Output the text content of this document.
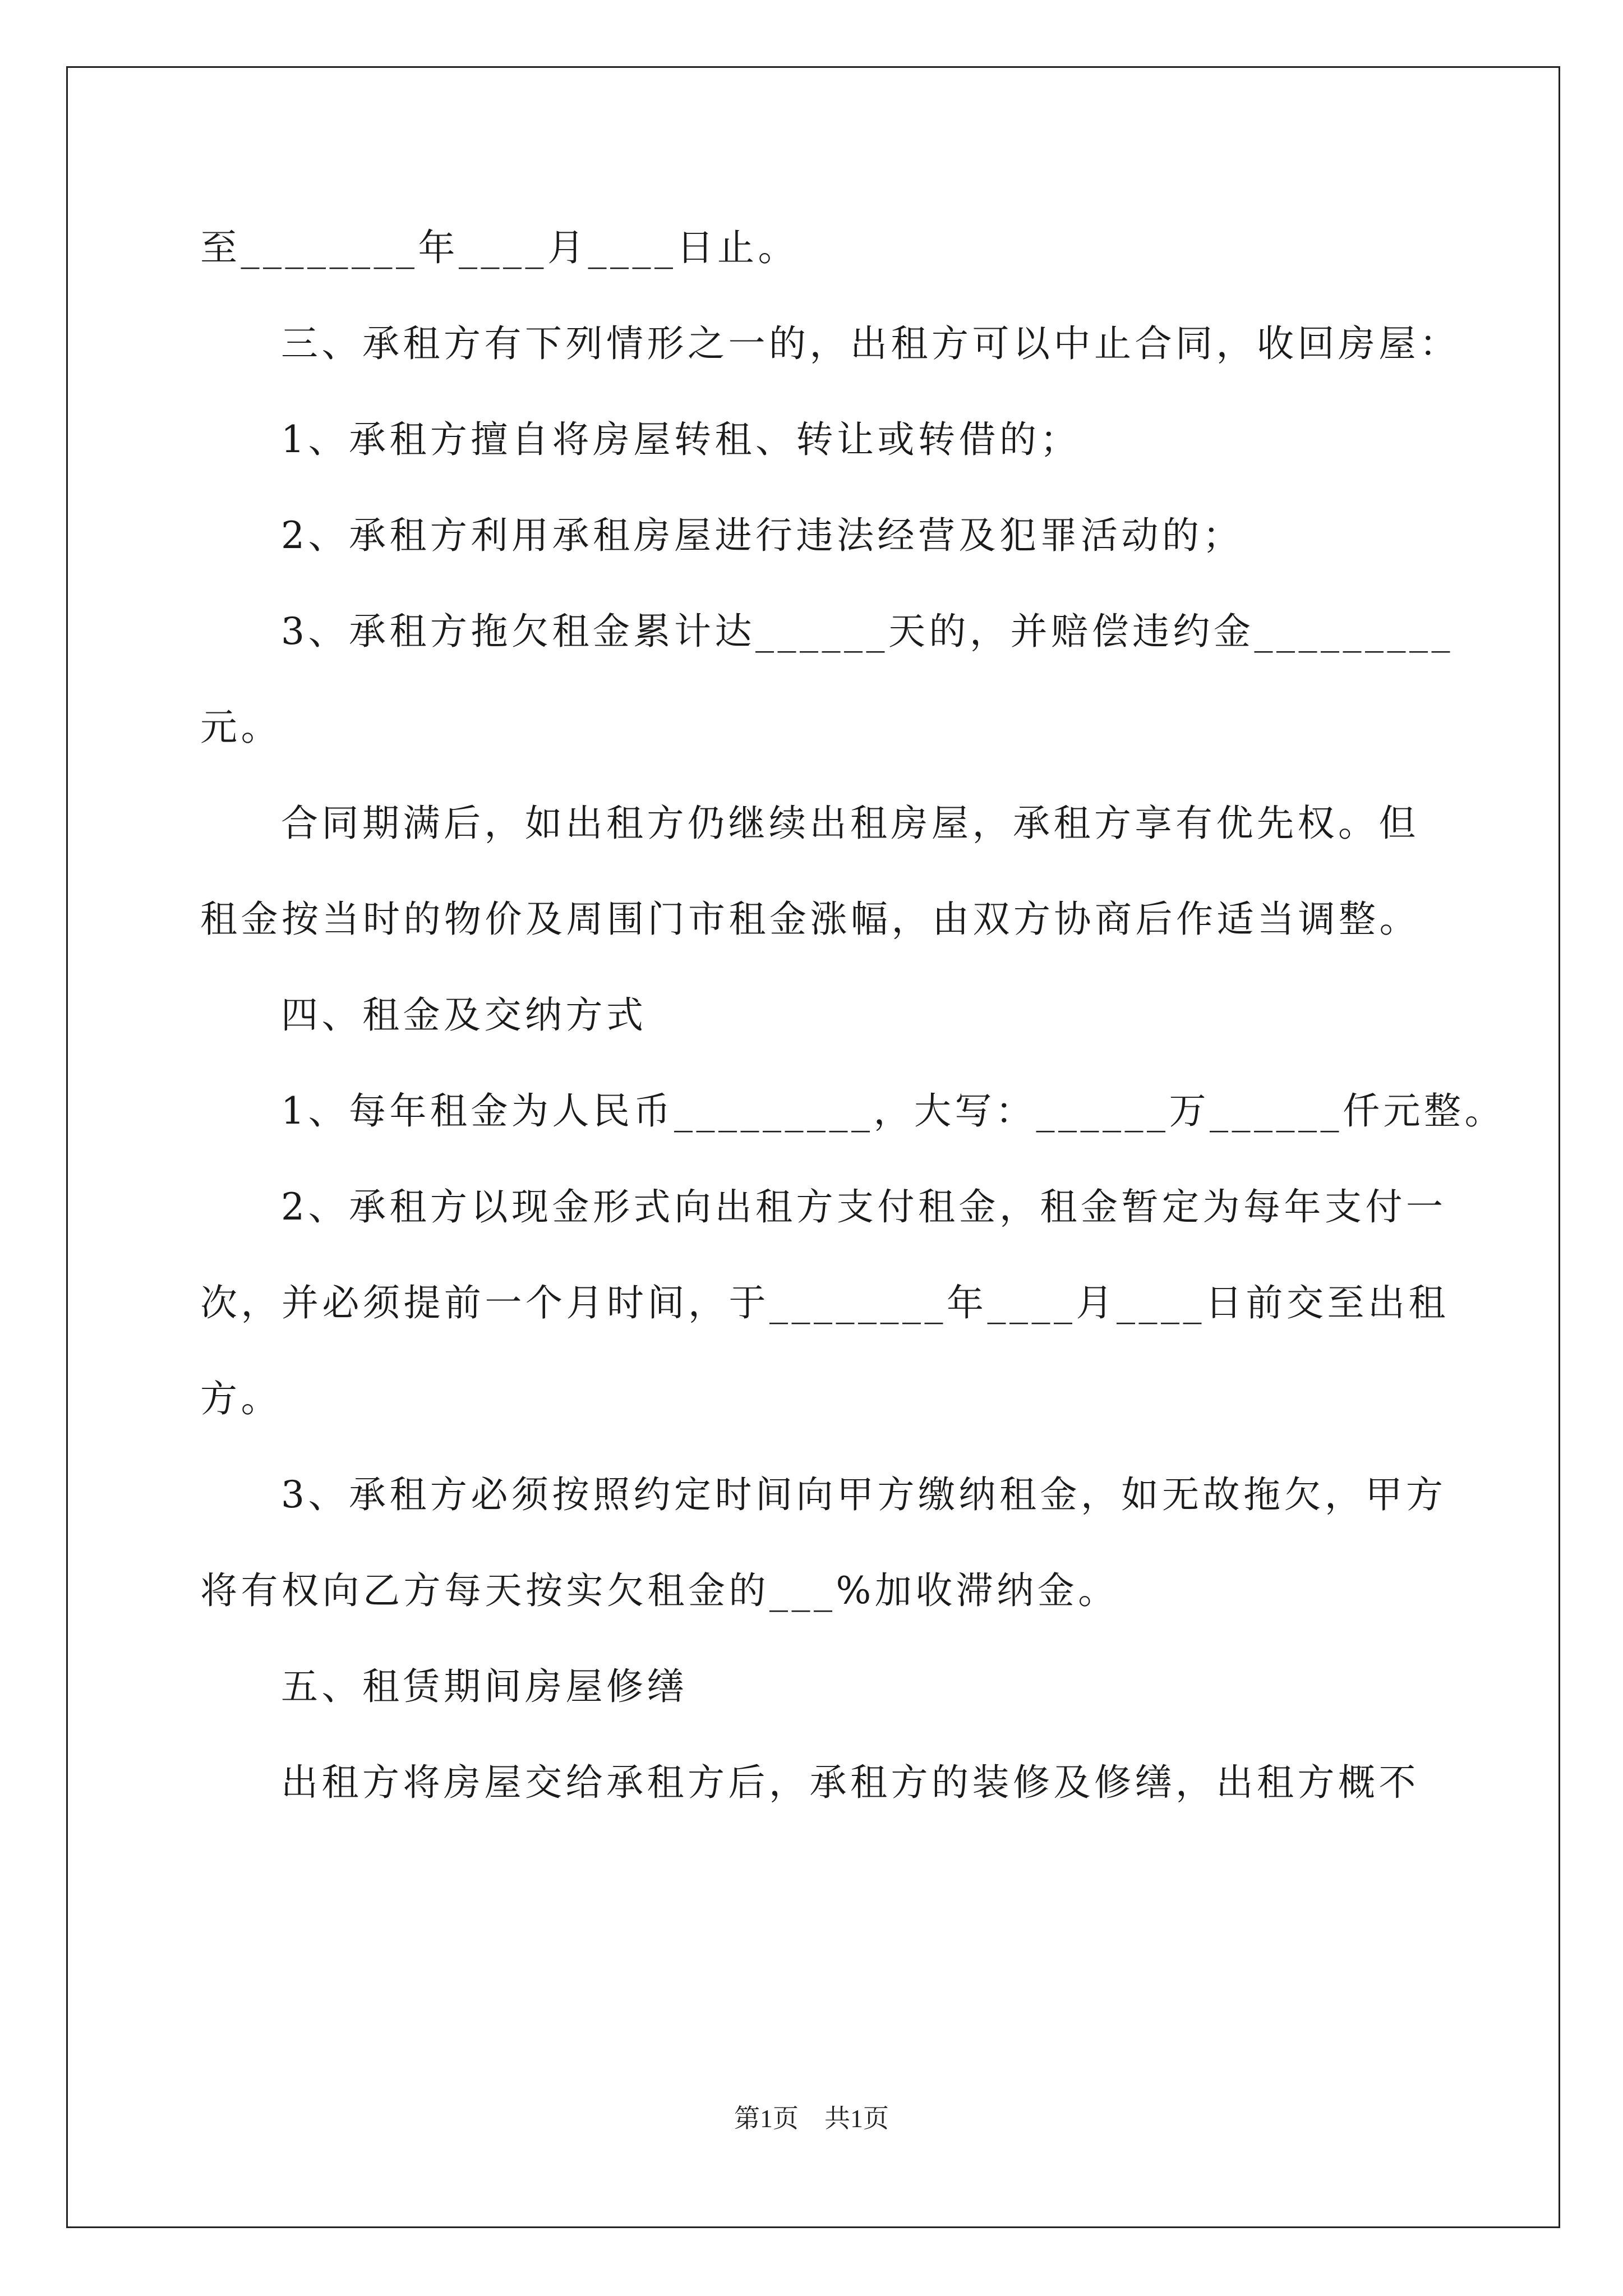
至________年____月____日止。
三、承租方有下列情形之一的，出租方可以中止合同，收回房屋：
1、承租方擅自将房屋转租、转让或转借的；
2、承租方利用承租房屋进行违法经营及犯罪活动的；
3、承租方拖欠租金累计达______天的，并赔偿违约金_________
元。
合同期满后，如出租方仍继续出租房屋，承租方享有优先权。但
租金按当时的物价及周围门市租金涨幅，由双方协商后作适当调整。
四、租金及交纳方式
1、每年租金为人民币_________，大写：______万______仟元整。
2、承租方以现金形式向出租方支付租金，租金暂定为每年支付一
次，并必须提前一个月时间，于________年____月____日前交至出租
方。
3、承租方必须按照约定时间向甲方缴纳租金，如无故拖欠，甲方
将有权向乙方每天按实欠租金的___%加收滞纳金。
五、租赁期间房屋修缮
出租方将房屋交给承租方后，承租方的装修及修缮，出租方概不
第1页　共1页
